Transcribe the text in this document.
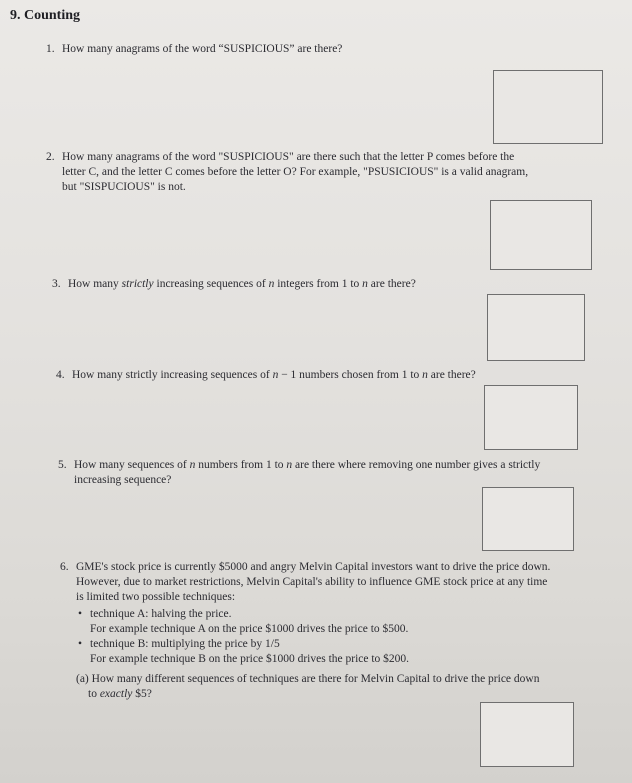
9. Counting
1. How many anagrams of the word “SUSPICIOUS” are there?
2. How many anagrams of the word "SUSPICIOUS" are there such that the letter P comes before the
letter C, and the letter C comes before the letter O? For example, "PSUSICIOUS" is a valid anagram,
but "SISPUCIOUS" is not.
3. How many strictly increasing sequences of n integers from 1 to n are there?
4. How many strictly increasing sequences of n − 1 numbers chosen from 1 to n are there?
5. How many sequences of n numbers from 1 to n are there where removing one number gives a strictly
increasing sequence?
6. GME's stock price is currently $5000 and angry Melvin Capital investors want to drive the price down.
However, due to market restrictions, Melvin Capital's ability to influence GME stock price at any time
is limited two possible techniques:
• technique A: halving the price.
For example technique A on the price $1000 drives the price to $500.
• technique B: multiplying the price by 1/5
For example technique B on the price $1000 drives the price to $200.
(a) How many different sequences of techniques are there for Melvin Capital to drive the price down
to exactly $5?
